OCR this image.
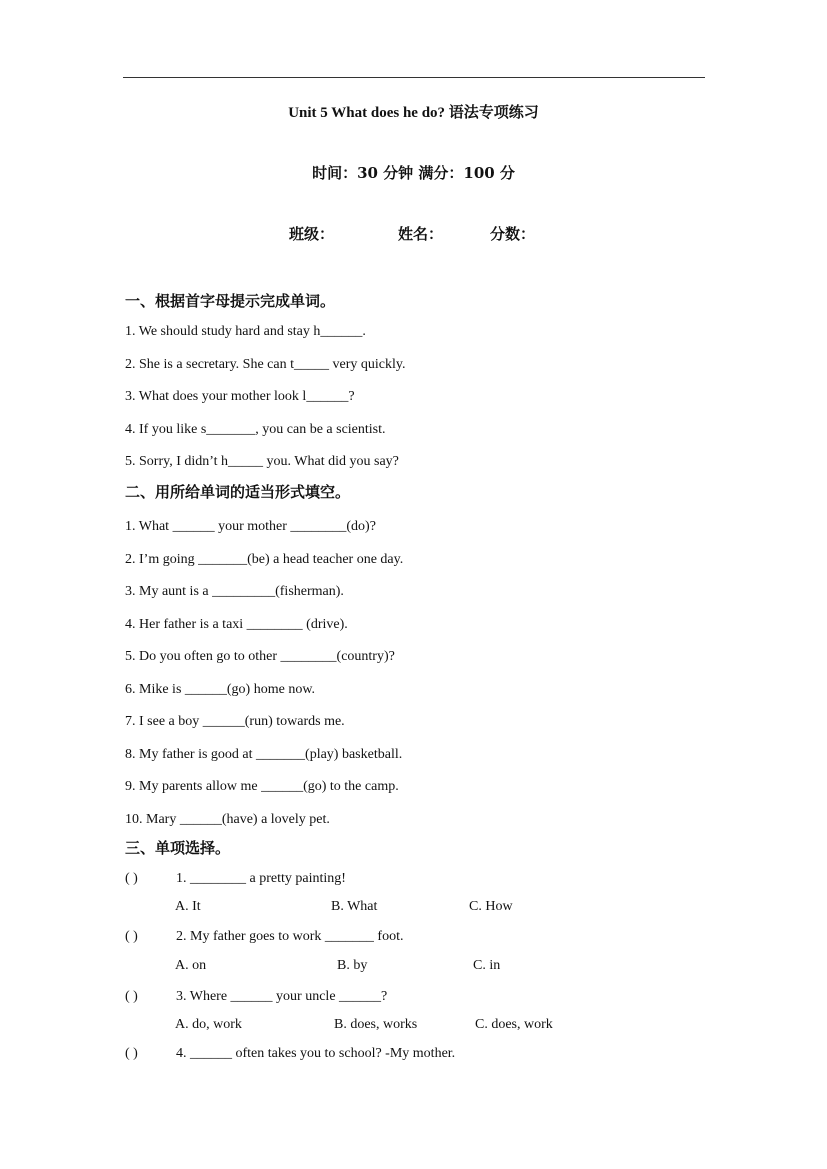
Unit 5 What does he do? 语法专项练习
时间：30 分钟 满分：100 分
班级：	姓名：	分数：
一、根据首字母提示完成单词。
1. We should study hard and stay h______.
2. She is a secretary. She can t_____ very quickly.
3. What does your mother look l______?
4. If you like s_______, you can be a scientist.
5. Sorry, I didn’t h_____ you. What did you say?
二、用所给单词的适当形式填空。
1. What ______ your mother ________(do)?
2. I’m going _______(be) a head teacher one day.
3. My aunt is a _________(fisherman).
4. Her father is a taxi ________ (drive).
5. Do you often go to other ________(country)?
6. Mike is ______(go) home now.
7. I see a boy ______(run) towards me.
8. My father is good at _______(play) basketball.
9. My parents allow me ______(go) to the camp.
10. Mary ______(have) a lovely pet.
三、单项选择。
( )	1. ________ a pretty painting!
A. It	B. What	C. How
( )	2. My father goes to work _______ foot.
A. on	B. by	C. in
( )	3. Where ______ your uncle ______?
A. do, work	B. does, works	C. does, work
( )	4. ______ often takes you to school? -My mother.
